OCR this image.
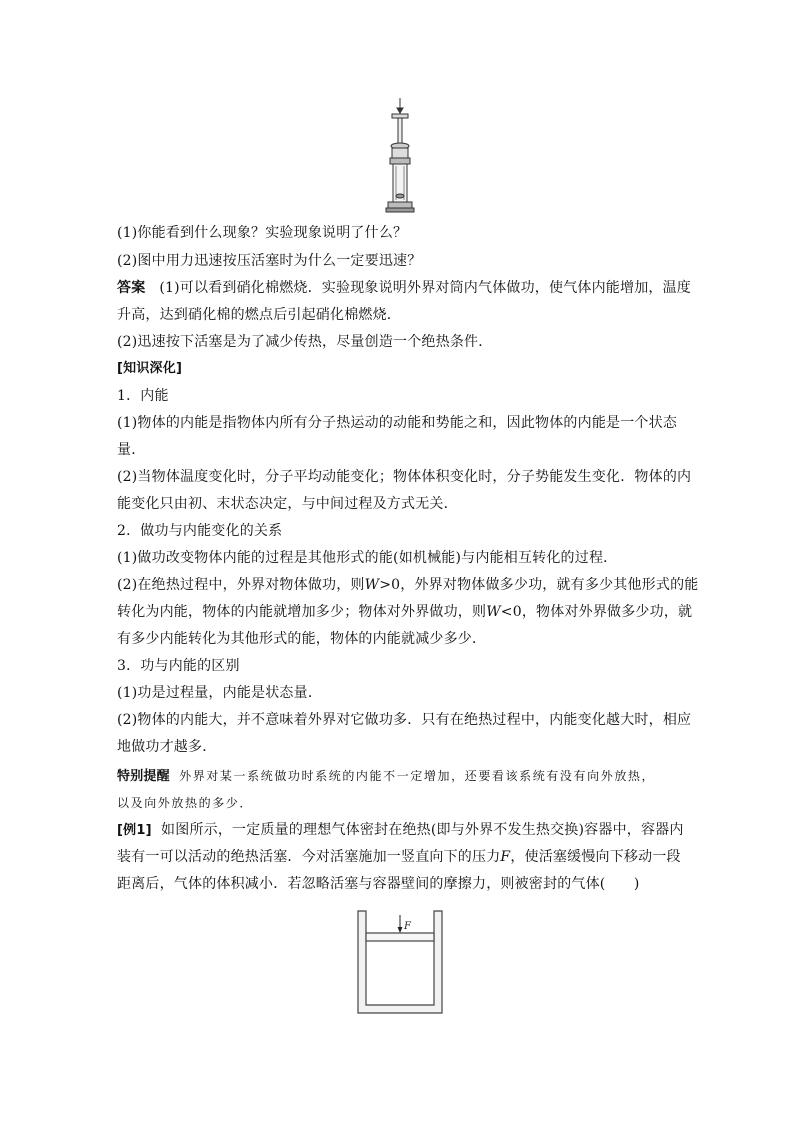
(1)你能看到什么现象？实验现象说明了什么？
(2)图中用力迅速按压活塞时为什么一定要迅速？
答案 (1)可以看到硝化棉燃烧．实验现象说明外界对筒内气体做功，使气体内能增加，温度
升高，达到硝化棉的燃点后引起硝化棉燃烧．
(2)迅速按下活塞是为了减少传热，尽量创造一个绝热条件．
[知识深化]
1．内能
(1)物体的内能是指物体内所有分子热运动的动能和势能之和，因此物体的内能是一个状态
量．
(2)当物体温度变化时，分子平均动能变化；物体体积变化时，分子势能发生变化．物体的内
能变化只由初、末状态决定，与中间过程及方式无关．
2．做功与内能变化的关系
(1)做功改变物体内能的过程是其他形式的能(如机械能)与内能相互转化的过程．
(2)在绝热过程中，外界对物体做功，则W>0，外界对物体做多少功，就有多少其他形式的能
转化为内能，物体的内能就增加多少；物体对外界做功，则W<0，物体对外界做多少功，就
有多少内能转化为其他形式的能，物体的内能就减少多少．
3．功与内能的区别
(1)功是过程量，内能是状态量．
(2)物体的内能大，并不意味着外界对它做功多．只有在绝热过程中，内能变化越大时，相应
地做功才越多．
特别提醒 外界对某一系统做功时系统的内能不一定增加，还要看该系统有没有向外放热，
以及向外放热的多少．
[例1] 如图所示，一定质量的理想气体密封在绝热(即与外界不发生热交换)容器中，容器内
装有一可以活动的绝热活塞．今对活塞施加一竖直向下的压力F，使活塞缓慢向下移动一段
距离后，气体的体积减小．若忽略活塞与容器壁间的摩擦力，则被密封的气体(　　)
F
